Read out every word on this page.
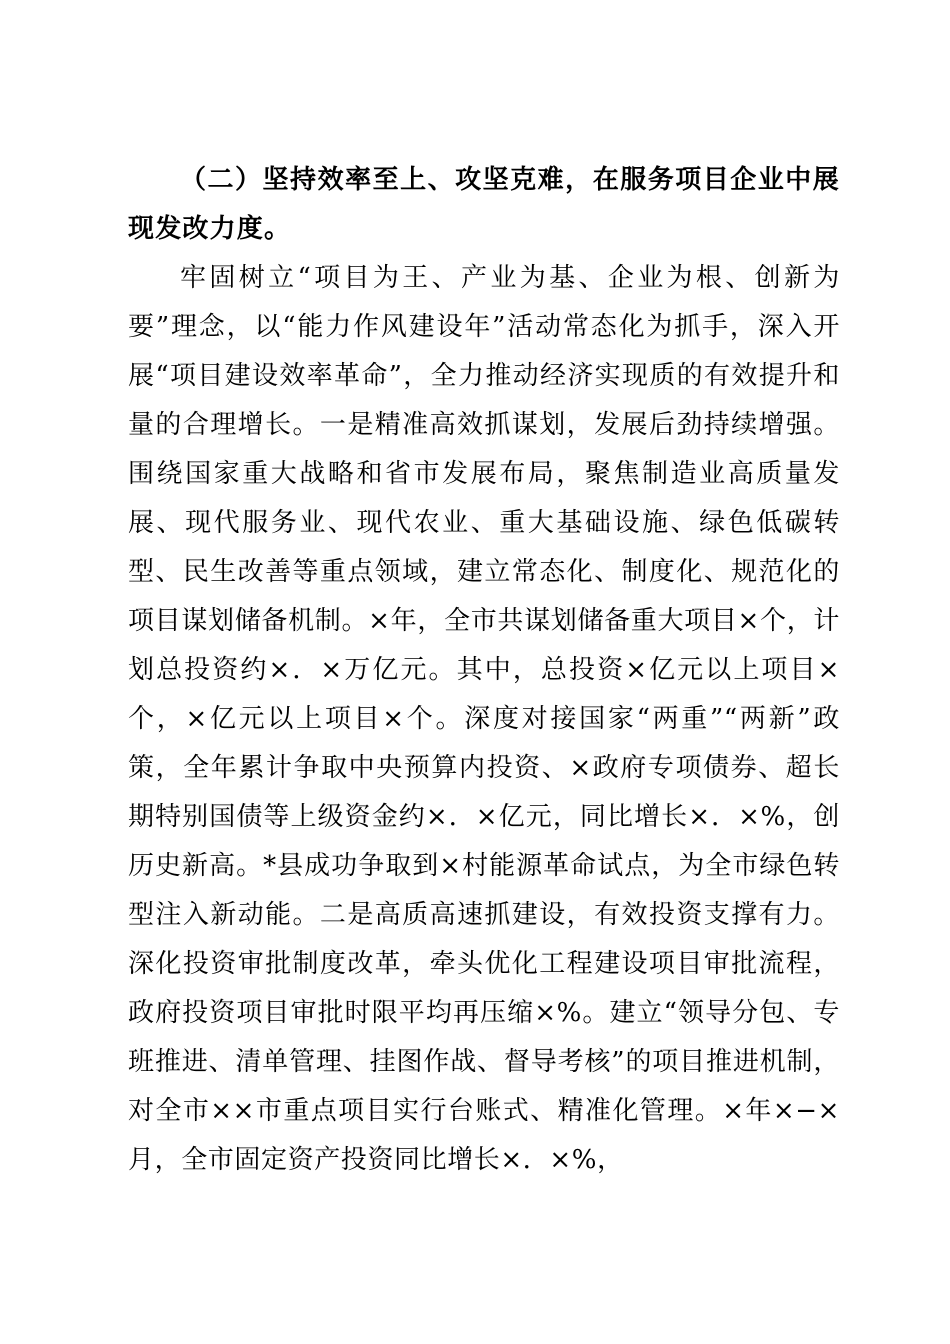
（二）坚持效率至上、攻坚克难，在服务项目企业中展现发改力度。

牢固树立“项目为王、产业为基、企业为根、创新为要”理念，以“能力作风建设年”活动常态化为抓手，深入开展“项目建设效率革命”，全力推动经济实现质的有效提升和量的合理增长。一是精准高效抓谋划，发展后劲持续增强。围绕国家重大战略和省市发展布局，聚焦制造业高质量发展、现代服务业、现代农业、重大基础设施、绿色低碳转型、民生改善等重点领域，建立常态化、制度化、规范化的项目谋划储备机制。×年，全市共谋划储备重大项目×个，计划总投资约×．×万亿元。其中，总投资×亿元以上项目×个，×亿元以上项目×个。深度对接国家“两重”“两新”政策，全年累计争取中央预算内投资、×政府专项债券、超长期特别国债等上级资金约×．×亿元，同比增长×．×%，创历史新高。*县成功争取到×村能源革命试点，为全市绿色转型注入新动能。二是高质高速抓建设，有效投资支撑有力。深化投资审批制度改革，牵头优化工程建设项目审批流程，政府投资项目审批时限平均再压缩×%。建立“领导分包、专班推进、清单管理、挂图作战、督导考核”的项目推进机制，对全市××市重点项目实行台账式、精准化管理。×年×−×月，全市固定资产投资同比增长×．×%，
